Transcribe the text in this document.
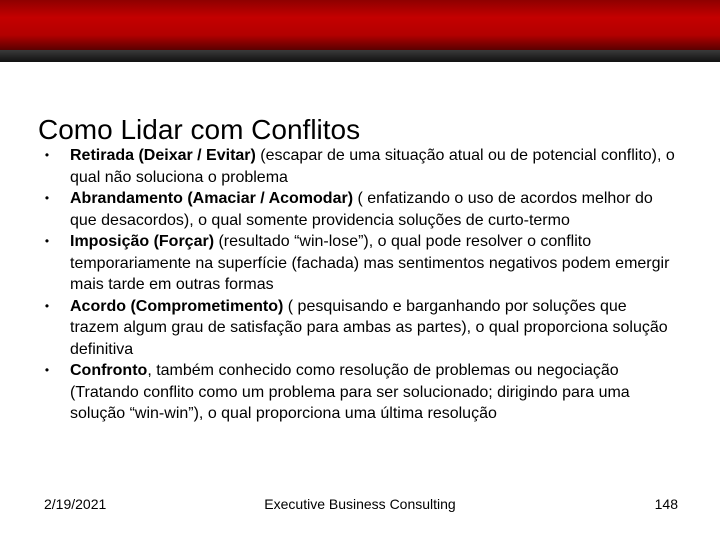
Como Lidar com Conflitos
•	Retirada (Deixar / Evitar) (escapar de uma situação atual ou de potencial conflito), o qual não soluciona o problema
•	Abrandamento (Amaciar / Acomodar) ( enfatizando o uso de acordos melhor do que desacordos), o qual somente providencia soluções de curto-termo
•	Imposição (Forçar) (resultado “win-lose”), o qual pode resolver o conflito temporariamente na superfície (fachada) mas sentimentos negativos podem emergir mais tarde em outras formas
•	Acordo (Comprometimento) ( pesquisando e barganhando por soluções que trazem algum grau de satisfação para ambas as partes), o qual proporciona solução definitiva
•	Confronto, também conhecido como resolução de problemas ou negociação (Tratando conflito como um problema para ser solucionado; dirigindo para uma solução “win-win”), o qual proporciona uma última resolução
2/19/2021	Executive Business Consulting	148
